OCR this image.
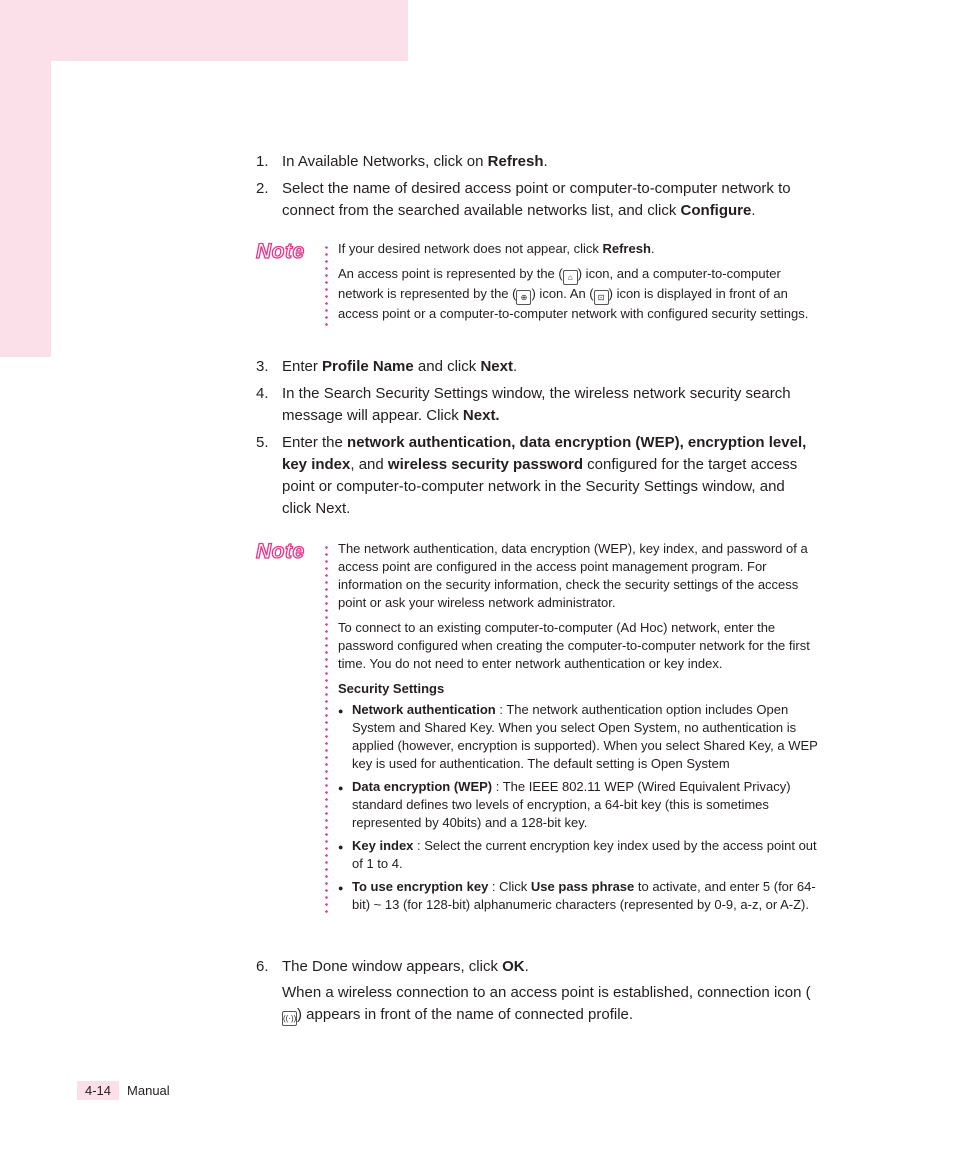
1. In Available Networks, click on Refresh.
2. Select the name of desired access point or computer-to-computer network to connect from the searched available networks list, and click Configure.
Note	If your desired network does not appear, click Refresh.

An access point is represented by the ( ⌂ ) icon, and a computer-to-computer network is represented by the ( ⊕ ) icon. An ( ⊡ ) icon is displayed in front of an access point or a computer-to-computer network with configured security settings.

3. Enter Profile Name and click Next.
4. In the Search Security Settings window, the wireless network security search message will appear. Click Next.
5. Enter the network authentication, data encryption (WEP), encryption level, key index, and wireless security password configured for the target access point or computer-to-computer network in the Security Settings window, and click Next.
Note	The network authentication, data encryption (WEP), key index, and password of a access point are configured in the access point management program. For information on the security information, check the security settings of the access point or ask your wireless network administrator.

To connect to an existing computer-to-computer (Ad Hoc) network, enter the password configured when creating the computer-to-computer network for the first time. You do not need to enter network authentication or key index.

Security Settings

● Network authentication : The network authentication option includes Open System and Shared Key. When you select Open System, no authentication is applied (however, encryption is supported). When you select Shared Key, a WEP key is used for authentication. The default setting is Open System
● Data encryption (WEP) : The IEEE 802.11 WEP (Wired Equivalent Privacy) standard defines two levels of encryption, a 64-bit key (this is sometimes represented by 40bits) and a 128-bit key.
● Key index : Select the current encryption key index used by the access point out of 1 to 4.
● To use encryption key : Click Use pass phrase to activate, and enter 5 (for 64-bit) ~ 13 (for 128-bit) alphanumeric characters (represented by 0-9, a-z, or A-Z).
6. The Done window appears, click OK.
When a wireless connection to an access point is established, connection icon (((·))) appears in front of the name of connected profile.
4-14	Manual
